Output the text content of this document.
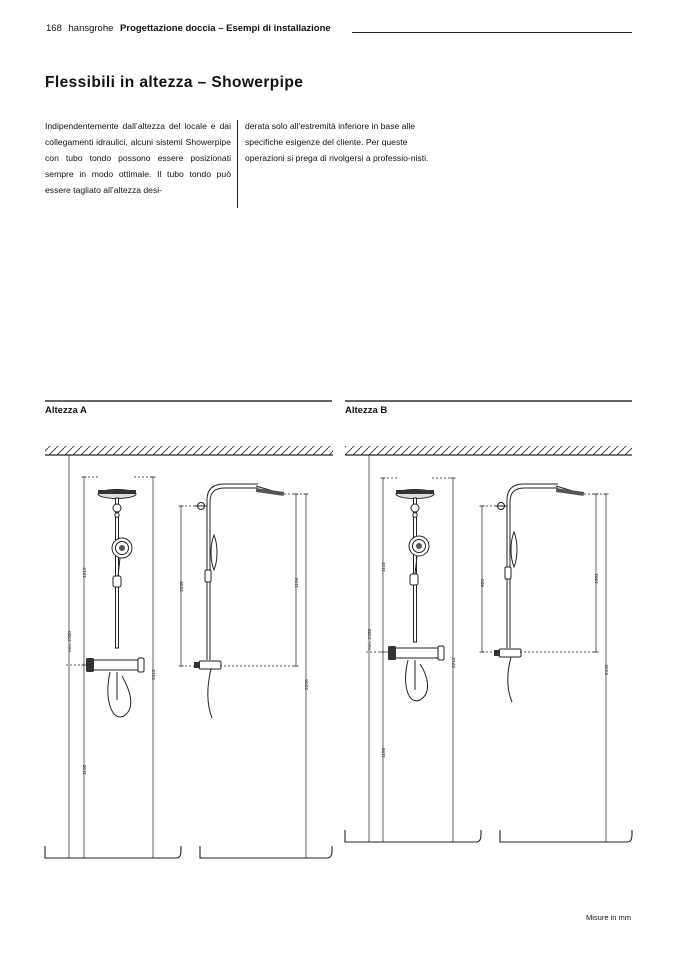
168 hansgrohe Progettazione doccia – Esempi di installazione
Flessibili in altezza – Showerpipe
Indipendentemente dall’altezza del locale e dai collegamenti idraulici, alcuni sistemi Showerpipe con tubo tondo possono essere posizionati sempre in modo ottimale. Il tubo tondo può essere tagliato all’altezza desi-
derata solo all’estremità inferiore in base alle specifiche esigenze del cliente. Per queste operazioni si prega di rivolgersi a professio-nisti.
Altezza A	Altezza B
min. 2330
1212
1100
2412
1039	1104
2205
min. 2338
1112
1180
2212
920	1004
2102
Misure in mm
